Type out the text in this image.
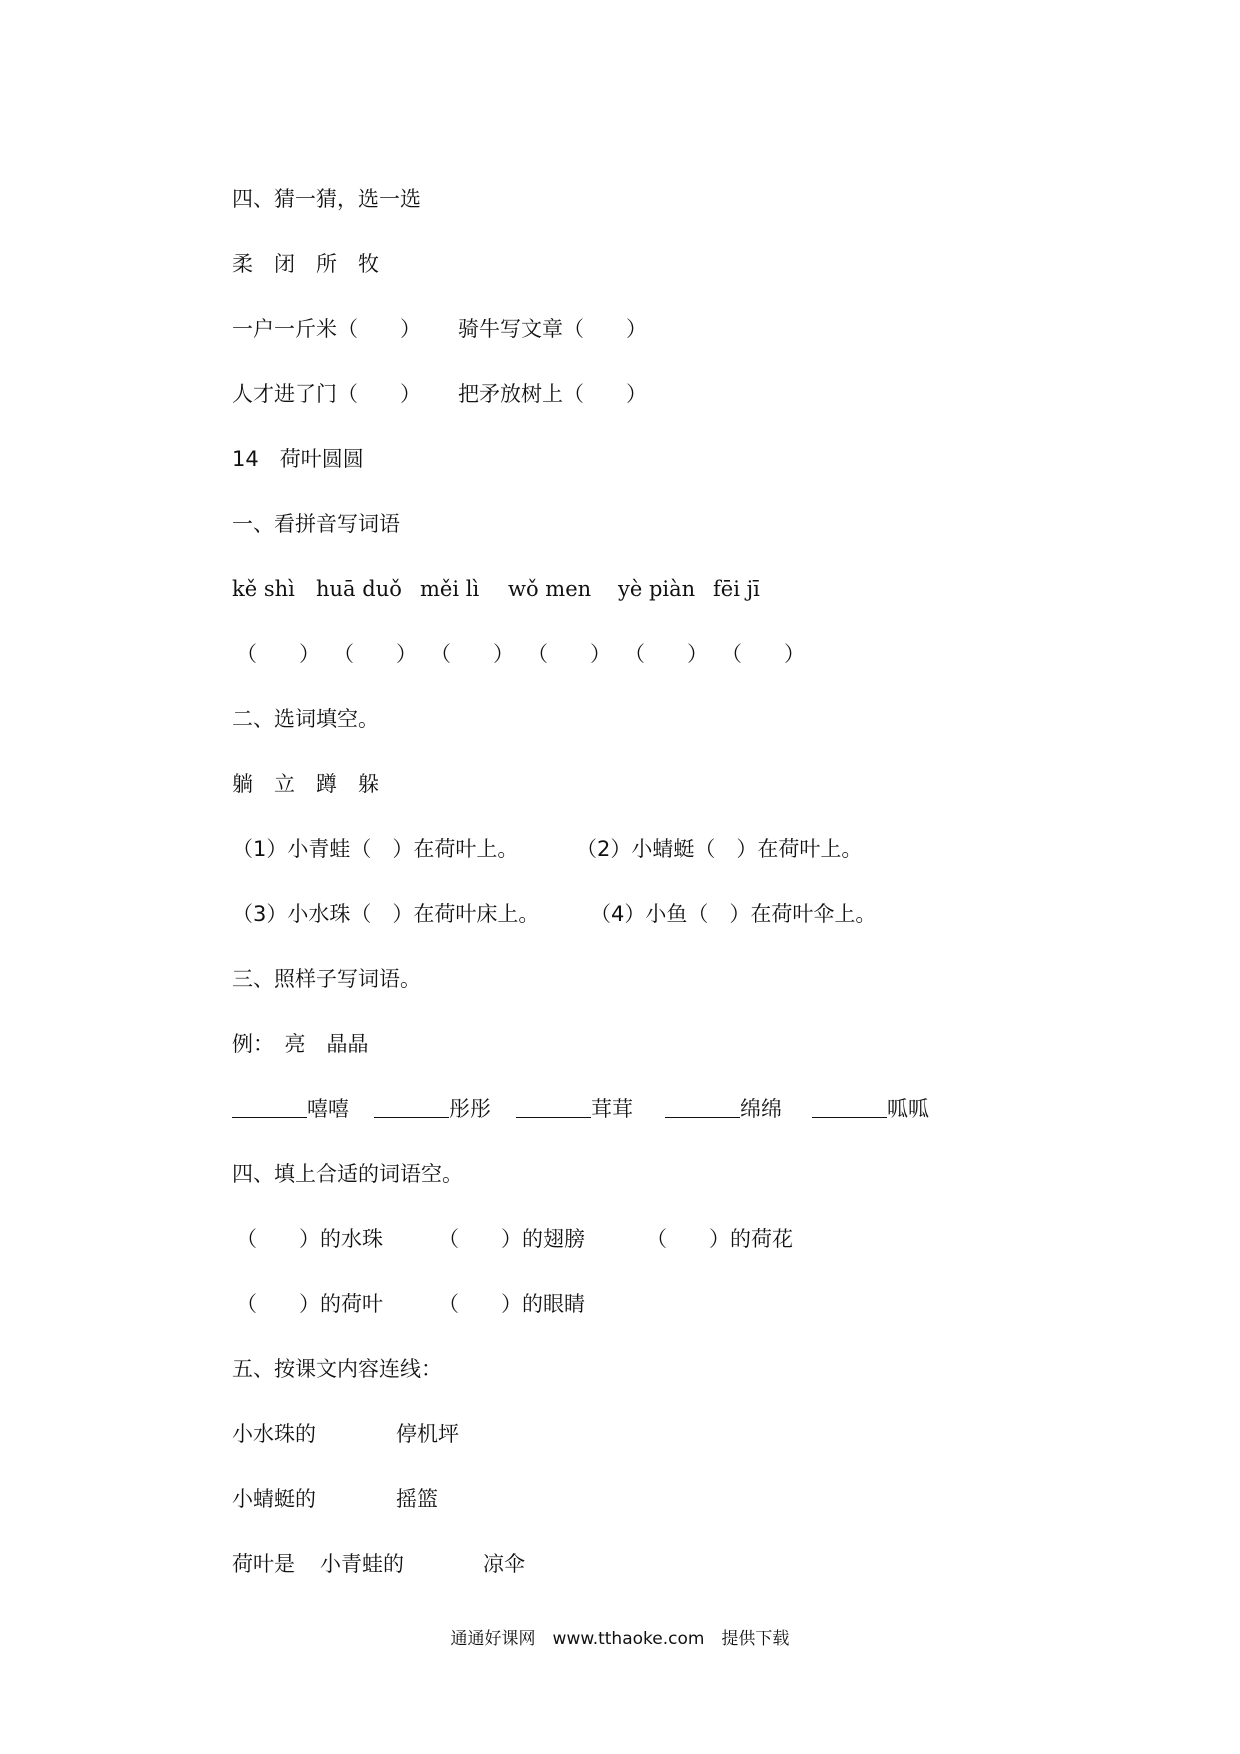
四、猜一猜，选一选
柔　闭　所　牧
一户一斤米（　　） 骑牛写文章（　　）
人才进了门（　　） 把矛放树上（　　）
14　荷叶圆圆
一、看拼音写词语
kě shì huā duǒ měi lì wǒ men yè piàn fēi jī
（　　） （　　） （　　） （　　） （　　） （　　）
二、选词填空。
躺　立　蹲　躲
（1）小青蛙（　）在荷叶上。	（2）小蜻蜓（　）在荷叶上。
（3）小水珠（　）在荷叶床上。 （4）小鱼（　）在荷叶伞上。
三、照样子写词语。
例：　亮　晶晶
嘻嘻	彤彤	茸茸	绵绵	呱呱
四、填上合适的词语空。
（　　）的水珠	（　　）的翅膀	（　　）的荷花
（　　）的荷叶	（　　）的眼睛
五、按课文内容连线：
小水珠的	停机坪
小蜻蜓的	摇篮
荷叶是 小青蛙的	凉伞
通通好课网　www.tthaoke.com　提供下载
